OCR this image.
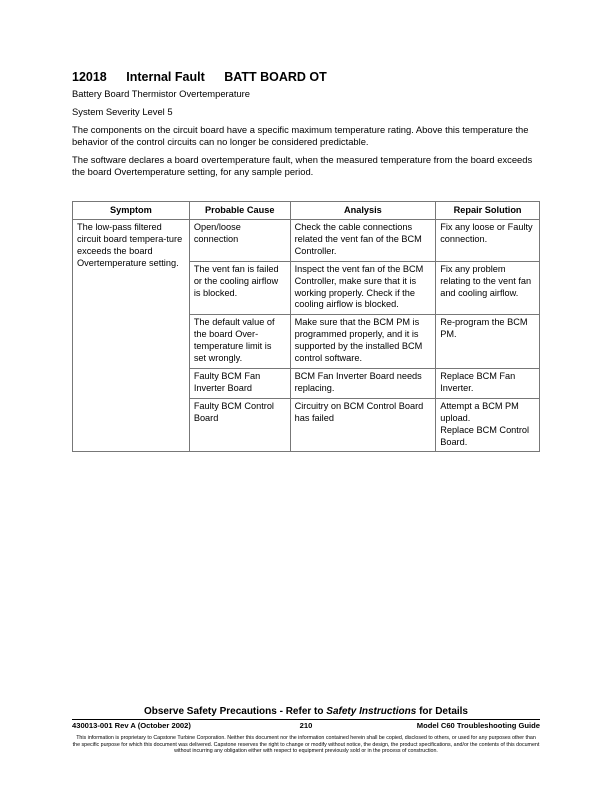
12018 Internal Fault BATT BOARD OT
Battery Board Thermistor Overtemperature
System Severity Level 5
The components on the circuit board have a specific maximum temperature rating. Above this temperature the behavior of the control circuits can no longer be considered predictable.
The software declares a board overtemperature fault, when the measured temperature from the board exceeds the board Overtemperature setting, for any sample period.
Symptom	Probable Cause	Analysis	Repair Solution
The low-pass filtered circuit board tempera-ture exceeds the board Overtemperature setting.	Open/loose connection	Check the cable connections related the vent fan of the BCM Controller.	Fix any loose or Faulty connection.
	The vent fan is failed or the cooling airflow is blocked.	Inspect the vent fan of the BCM Controller, make sure that it is working properly. Check if the cooling airflow is blocked.	Fix any problem relating to the vent fan and cooling airflow.
	The default value of the board Over-temperature limit is set wrongly.	Make sure that the BCM PM is programmed properly, and it is supported by the installed BCM control software.	Re-program the BCM PM.
	Faulty BCM Fan Inverter Board	BCM Fan Inverter Board needs replacing.	Replace BCM Fan Inverter.
	Faulty BCM Control Board	Circuitry on BCM Control Board has failed	Attempt a BCM PM upload.
Replace BCM Control Board.
Observe Safety Precautions - Refer to Safety Instructions for Details
430013-001 Rev A (October 2002)	210	Model C60 Troubleshooting Guide
This information is proprietary to Capstone Turbine Corporation. Neither this document nor the information contained herein shall be copied, disclosed to others, or used for any purposes other than the specific purpose for which this document was delivered. Capstone reserves the right to change or modify without notice, the design, the product specifications, and/or the contents of this document without incurring any obligation either with respect to equipment previously sold or in the process of construction.
